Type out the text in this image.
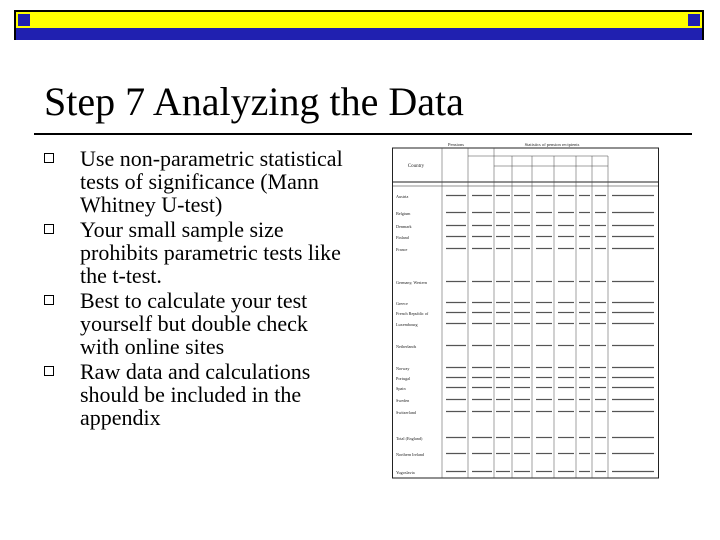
Step 7 Analyzing the Data
Use non-parametric statistical tests of significance (Mann Whitney U-test)
Your small sample size prohibits parametric tests like the t-test.
Best to calculate your test yourself but double check with online sites
Raw data and calculations should be included in the appendix
Pensions	Statistics of pension recipients
Country
Austria
Belgium
Denmark
Finland
France
Germany, Western
Greece
French Republic of
Luxembourg
Netherlands
Norway
Portugal
Spain
Sweden
Switzerland
Total (England)
Northern Ireland
Yugoslavia
